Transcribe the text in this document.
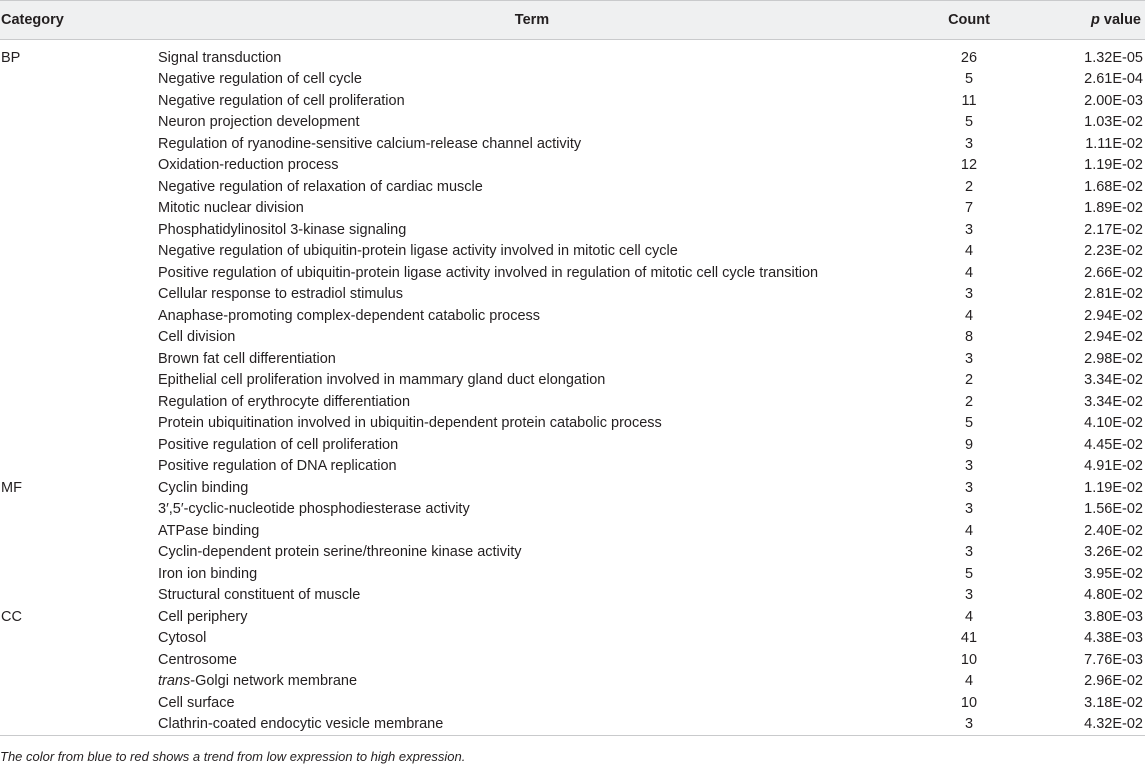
Category	Term	Count	p value

BP	Signal transduction	26	1.32E-05
	Negative regulation of cell cycle	5	2.61E-04
	Negative regulation of cell proliferation	11	2.00E-03
	Neuron projection development	5	1.03E-02
	Regulation of ryanodine-sensitive calcium-release channel activity	3	1.11E-02
	Oxidation-reduction process	12	1.19E-02
	Negative regulation of relaxation of cardiac muscle	2	1.68E-02
	Mitotic nuclear division	7	1.89E-02
	Phosphatidylinositol 3-kinase signaling	3	2.17E-02
	Negative regulation of ubiquitin-protein ligase activity involved in mitotic cell cycle	4	2.23E-02
	Positive regulation of ubiquitin-protein ligase activity involved in regulation of mitotic cell cycle transition	4	2.66E-02
	Cellular response to estradiol stimulus	3	2.81E-02
	Anaphase-promoting complex-dependent catabolic process	4	2.94E-02
	Cell division	8	2.94E-02
	Brown fat cell differentiation	3	2.98E-02
	Epithelial cell proliferation involved in mammary gland duct elongation	2	3.34E-02
	Regulation of erythrocyte differentiation	2	3.34E-02
	Protein ubiquitination involved in ubiquitin-dependent protein catabolic process	5	4.10E-02
	Positive regulation of cell proliferation	9	4.45E-02
	Positive regulation of DNA replication	3	4.91E-02
MF	Cyclin binding	3	1.19E-02
	3′,5′-cyclic-nucleotide phosphodiesterase activity	3	1.56E-02
	ATPase binding	4	2.40E-02
	Cyclin-dependent protein serine/threonine kinase activity	3	3.26E-02
	Iron ion binding	5	3.95E-02
	Structural constituent of muscle	3	4.80E-02
CC	Cell periphery	4	3.80E-03
	Cytosol	41	4.38E-03
	Centrosome	10	7.76E-03
	trans-Golgi network membrane	4	2.96E-02
	Cell surface	10	3.18E-02
	Clathrin-coated endocytic vesicle membrane	3	4.32E-02
The color from blue to red shows a trend from low expression to high expression.
